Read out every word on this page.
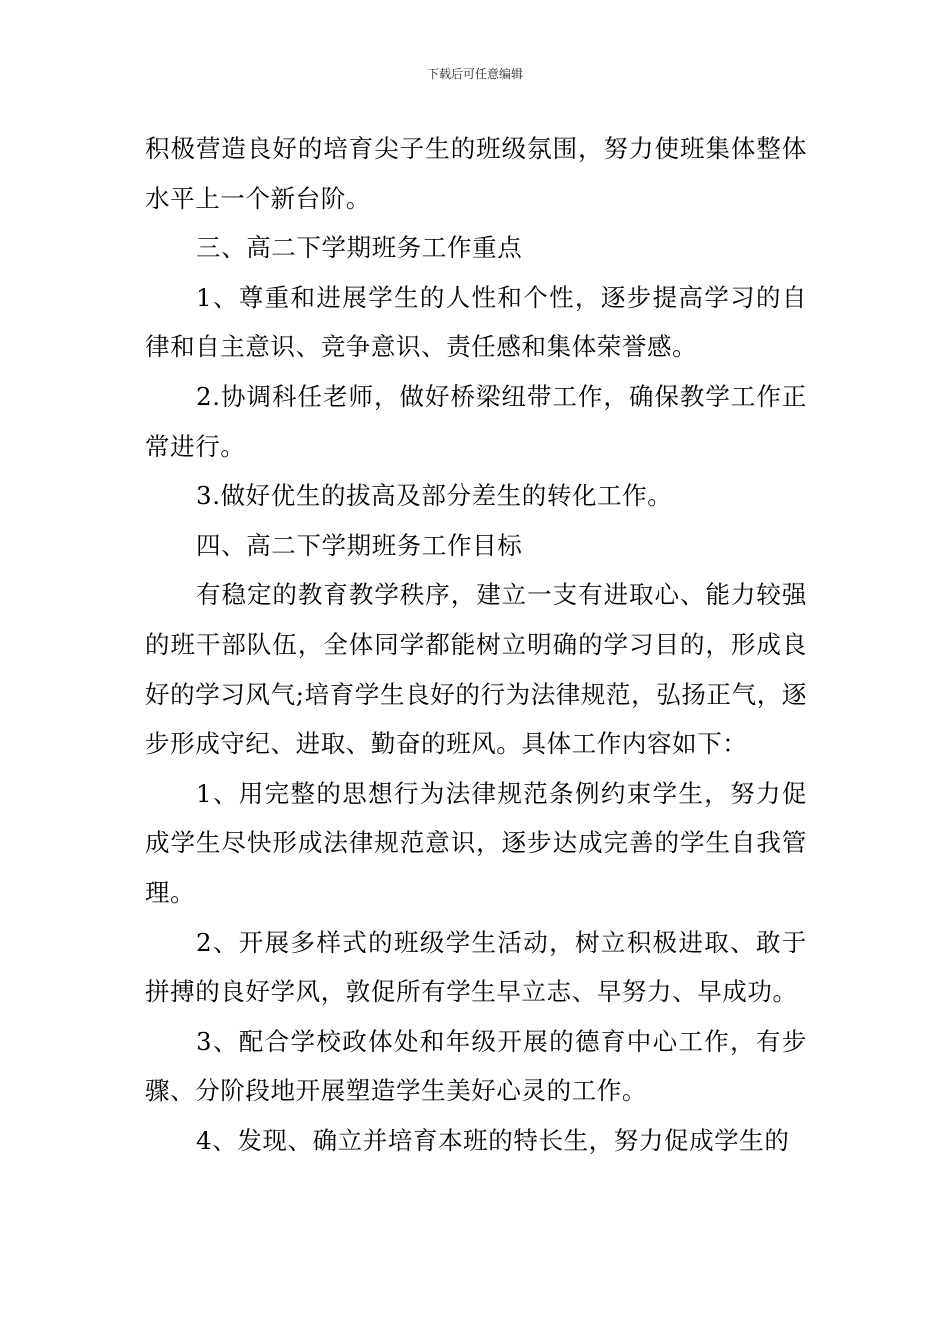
下载后可任意编辑

积极营造良好的培育尖子生的班级氛围，努力使班集体整体水平上一个新台阶。

三、高二下学期班务工作重点

1、尊重和进展学生的人性和个性，逐步提高学习的自律和自主意识、竞争意识、责任感和集体荣誉感。

2.协调科任老师，做好桥梁纽带工作，确保教学工作正常进行。

3.做好优生的拔高及部分差生的转化工作。

四、高二下学期班务工作目标

有稳定的教育教学秩序，建立一支有进取心、能力较强的班干部队伍，全体同学都能树立明确的学习目的，形成良好的学习风气;培育学生良好的行为法律规范，弘扬正气，逐步形成守纪、进取、勤奋的班风。具体工作内容如下：

1、用完整的思想行为法律规范条例约束学生，努力促成学生尽快形成法律规范意识，逐步达成完善的学生自我管理。

2、开展多样式的班级学生活动，树立积极进取、敢于拼搏的良好学风，敦促所有学生早立志、早努力、早成功。

3、配合学校政体处和年级开展的德育中心工作，有步骤、分阶段地开展塑造学生美好心灵的工作。

4、发现、确立并培育本班的特长生，努力促成学生的
